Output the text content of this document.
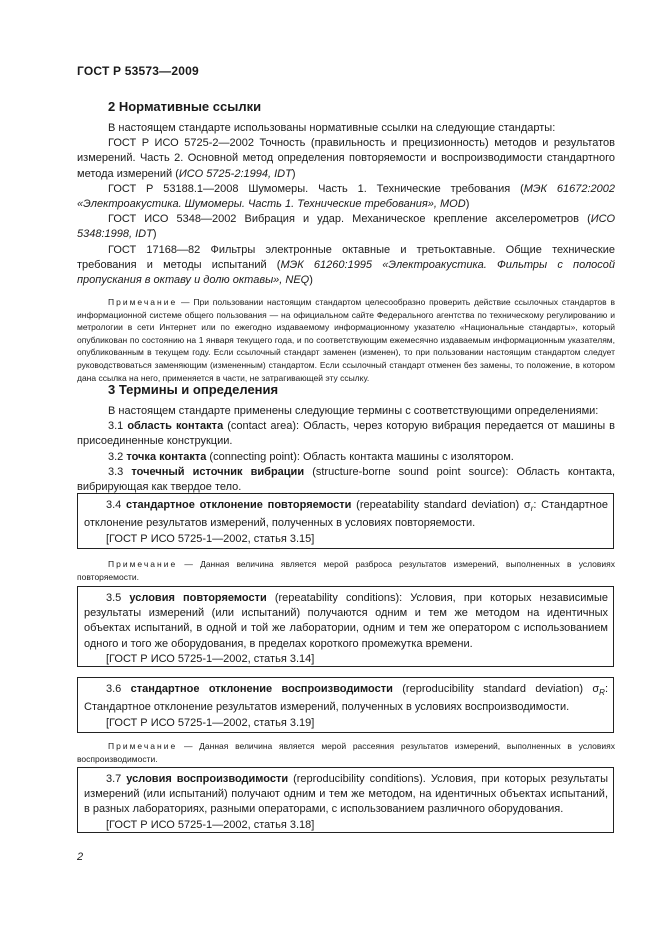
ГОСТ Р 53573—2009
2 Нормативные ссылки

В настоящем стандарте использованы нормативные ссылки на следующие стандарты:

ГОСТ Р ИСО 5725-2—2002 Точность (правильность и прецизионность) методов и результатов измерений. Часть 2. Основной метод определения повторяемости и воспроизводимости стандартного метода измерений (ИСО 5725-2:1994, IDT)

ГОСТ Р 53188.1—2008 Шумомеры. Часть 1. Технические требования (МЭК 61672:2002 «Электроакустика. Шумомеры. Часть 1. Технические требования», MOD)

ГОСТ ИСО 5348—2002 Вибрация и удар. Механическое крепление акселерометров (ИСО 5348:1998, IDT)

ГОСТ 17168—82 Фильтры электронные октавные и третьоктавные. Общие технические требования и методы испытаний (МЭК 61260:1995 «Электроакустика. Фильтры с полосой пропускания в октаву и долю октавы», NEQ)

Примечание — При пользовании настоящим стандартом целесообразно проверить действие ссылочных стандартов в информационной системе общего пользования — на официальном сайте Федерального агентства по техническому регулированию и метрологии в сети Интернет или по ежегодно издаваемому информационному указателю «Национальные стандарты», который опубликован по состоянию на 1 января текущего года, и по соответствующим ежемесячно издаваемым информационным указателям, опубликованным в текущем году. Если ссылочный стандарт заменен (изменен), то при пользовании настоящим стандартом следует руководствоваться заменяющим (измененным) стандартом. Если ссылочный стандарт отменен без замены, то положение, в котором дана ссылка на него, применяется в части, не затрагивающей эту ссылку.

3 Термины и определения

В настоящем стандарте применены следующие термины с соответствующими определениями:

3.1 область контакта (contact area): Область, через которую вибрация передается от машины в присоединенные конструкции.

3.2 точка контакта (connecting point): Область контакта машины с изолятором.

3.3 точечный источник вибрации (structure-borne sound point source): Область контакта, вибрирующая как твердое тело.

3.4 стандартное отклонение повторяемости (repeatability standard deviation) $\sigma_r$: Стандартное отклонение результатов измерений, полученных в условиях повторяемости.

[ГОСТ Р ИСО 5725-1—2002, статья 3.15]

Примечание — Данная величина является мерой разброса результатов измерений, выполненных в условиях повторяемости.

3.5 условия повторяемости (repeatability conditions): Условия, при которых независимые результаты измерений (или испытаний) получаются одним и тем же методом на идентичных объектах испытаний, в одной и той же лаборатории, одним и тем же оператором с использованием одного и того же оборудования, в пределах короткого промежутка времени.

[ГОСТ Р ИСО 5725-1—2002, статья 3.14]

3.6 стандартное отклонение воспроизводимости (reproducibility standard deviation) $\sigma_R$: Стандартное отклонение результатов измерений, полученных в условиях воспроизводимости.

[ГОСТ Р ИСО 5725-1—2002, статья 3.19]

Примечание — Данная величина является мерой рассеяния результатов измерений, выполненных в условиях воспроизводимости.

3.7 условия воспроизводимости (reproducibility conditions). Условия, при которых результаты измерений (или испытаний) получают одним и тем же методом, на идентичных объектах испытаний, в разных лабораториях, разными операторами, с использованием различного оборудования.

[ГОСТ Р ИСО 5725-1—2002, статья 3.18]

2
